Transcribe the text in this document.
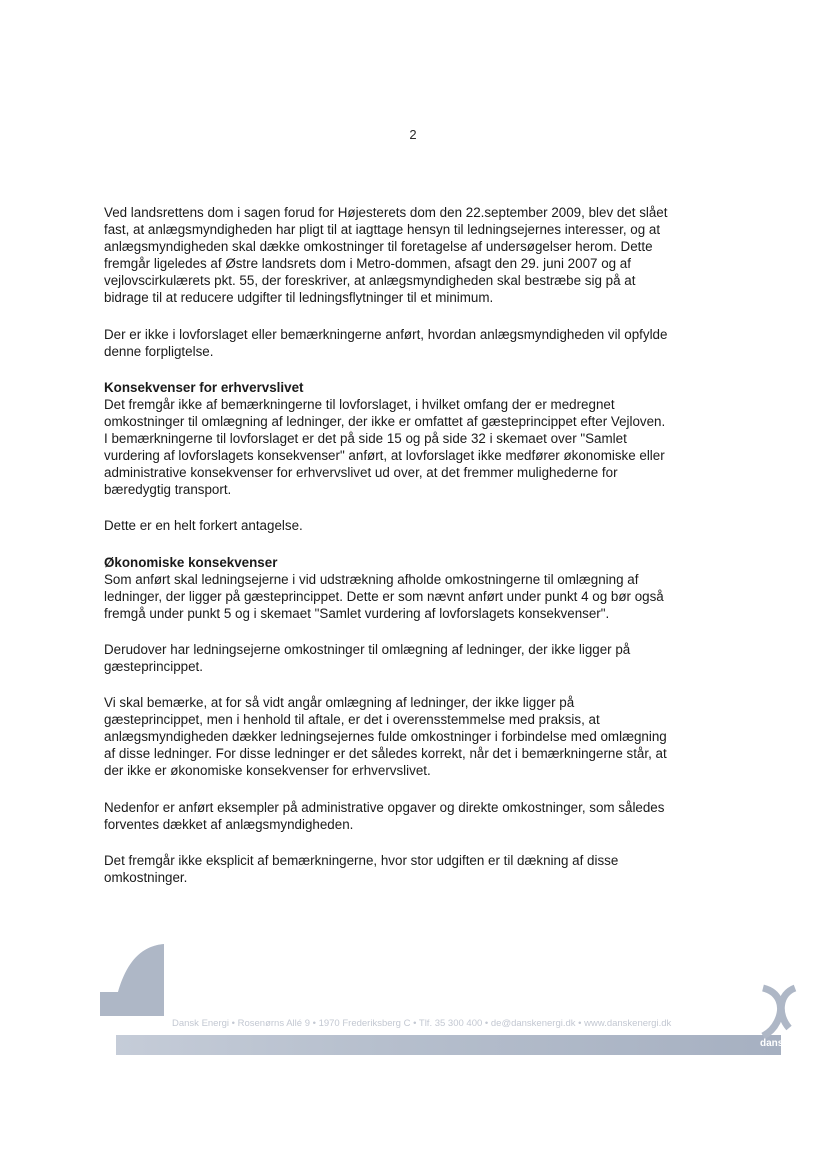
2
Ved landsrettens dom i sagen forud for Højesterets dom den 22.september 2009, blev det slået
fast, at anlægsmyndigheden har pligt til at iagttage hensyn til ledningsejernes interesser, og at
anlægsmyndigheden skal dække omkostninger til foretagelse af undersøgelser herom. Dette
fremgår ligeledes af Østre landsrets dom i Metro-dommen, afsagt den 29. juni 2007 og af
vejlovscirkulærets pkt. 55, der foreskriver, at anlægsmyndigheden skal bestræbe sig på at
bidrage til at reducere udgifter til ledningsflytninger til et minimum.
Der er ikke i lovforslaget eller bemærkningerne anført, hvordan anlægsmyndigheden vil opfylde
denne forpligtelse.
Konsekvenser for erhvervslivet
Det fremgår ikke af bemærkningerne til lovforslaget, i hvilket omfang der er medregnet
omkostninger til omlægning af ledninger, der ikke er omfattet af gæsteprincippet efter Vejloven.
I bemærkningerne til lovforslaget er det på side 15 og på side 32 i skemaet over "Samlet
vurdering af lovforslagets konsekvenser" anført, at lovforslaget ikke medfører økonomiske eller
administrative konsekvenser for erhvervslivet ud over, at det fremmer mulighederne for
bæredygtig transport.
Dette er en helt forkert antagelse.
Økonomiske konsekvenser
Som anført skal ledningsejerne i vid udstrækning afholde omkostningerne til omlægning af
ledninger, der ligger på gæsteprincippet. Dette er som nævnt anført under punkt 4 og bør også
fremgå under punkt 5 og i skemaet "Samlet vurdering af lovforslagets konsekvenser".
Derudover har ledningsejerne omkostninger til omlægning af ledninger, der ikke ligger på
gæsteprincippet.
Vi skal bemærke, at for så vidt angår omlægning af ledninger, der ikke ligger på
gæsteprincippet, men i henhold til aftale, er det i overensstemmelse med praksis, at
anlægsmyndigheden dækker ledningsejernes fulde omkostninger i forbindelse med omlægning
af disse ledninger. For disse ledninger er det således korrekt, når det i bemærkningerne står, at
der ikke er økonomiske konsekvenser for erhvervslivet.
Nedenfor er anført eksempler på administrative opgaver og direkte omkostninger, som således
forventes dækket af anlægsmyndigheden.
Det fremgår ikke eksplicit af bemærkningerne, hvor stor udgiften er til dækning af disse
omkostninger.
Dansk Energi • Rosenørns Allé 9 • 1970 Frederiksberg C • Tlf. 35 300 400 • de@danskenergi.dk • www.danskenergi.dk
dansker
